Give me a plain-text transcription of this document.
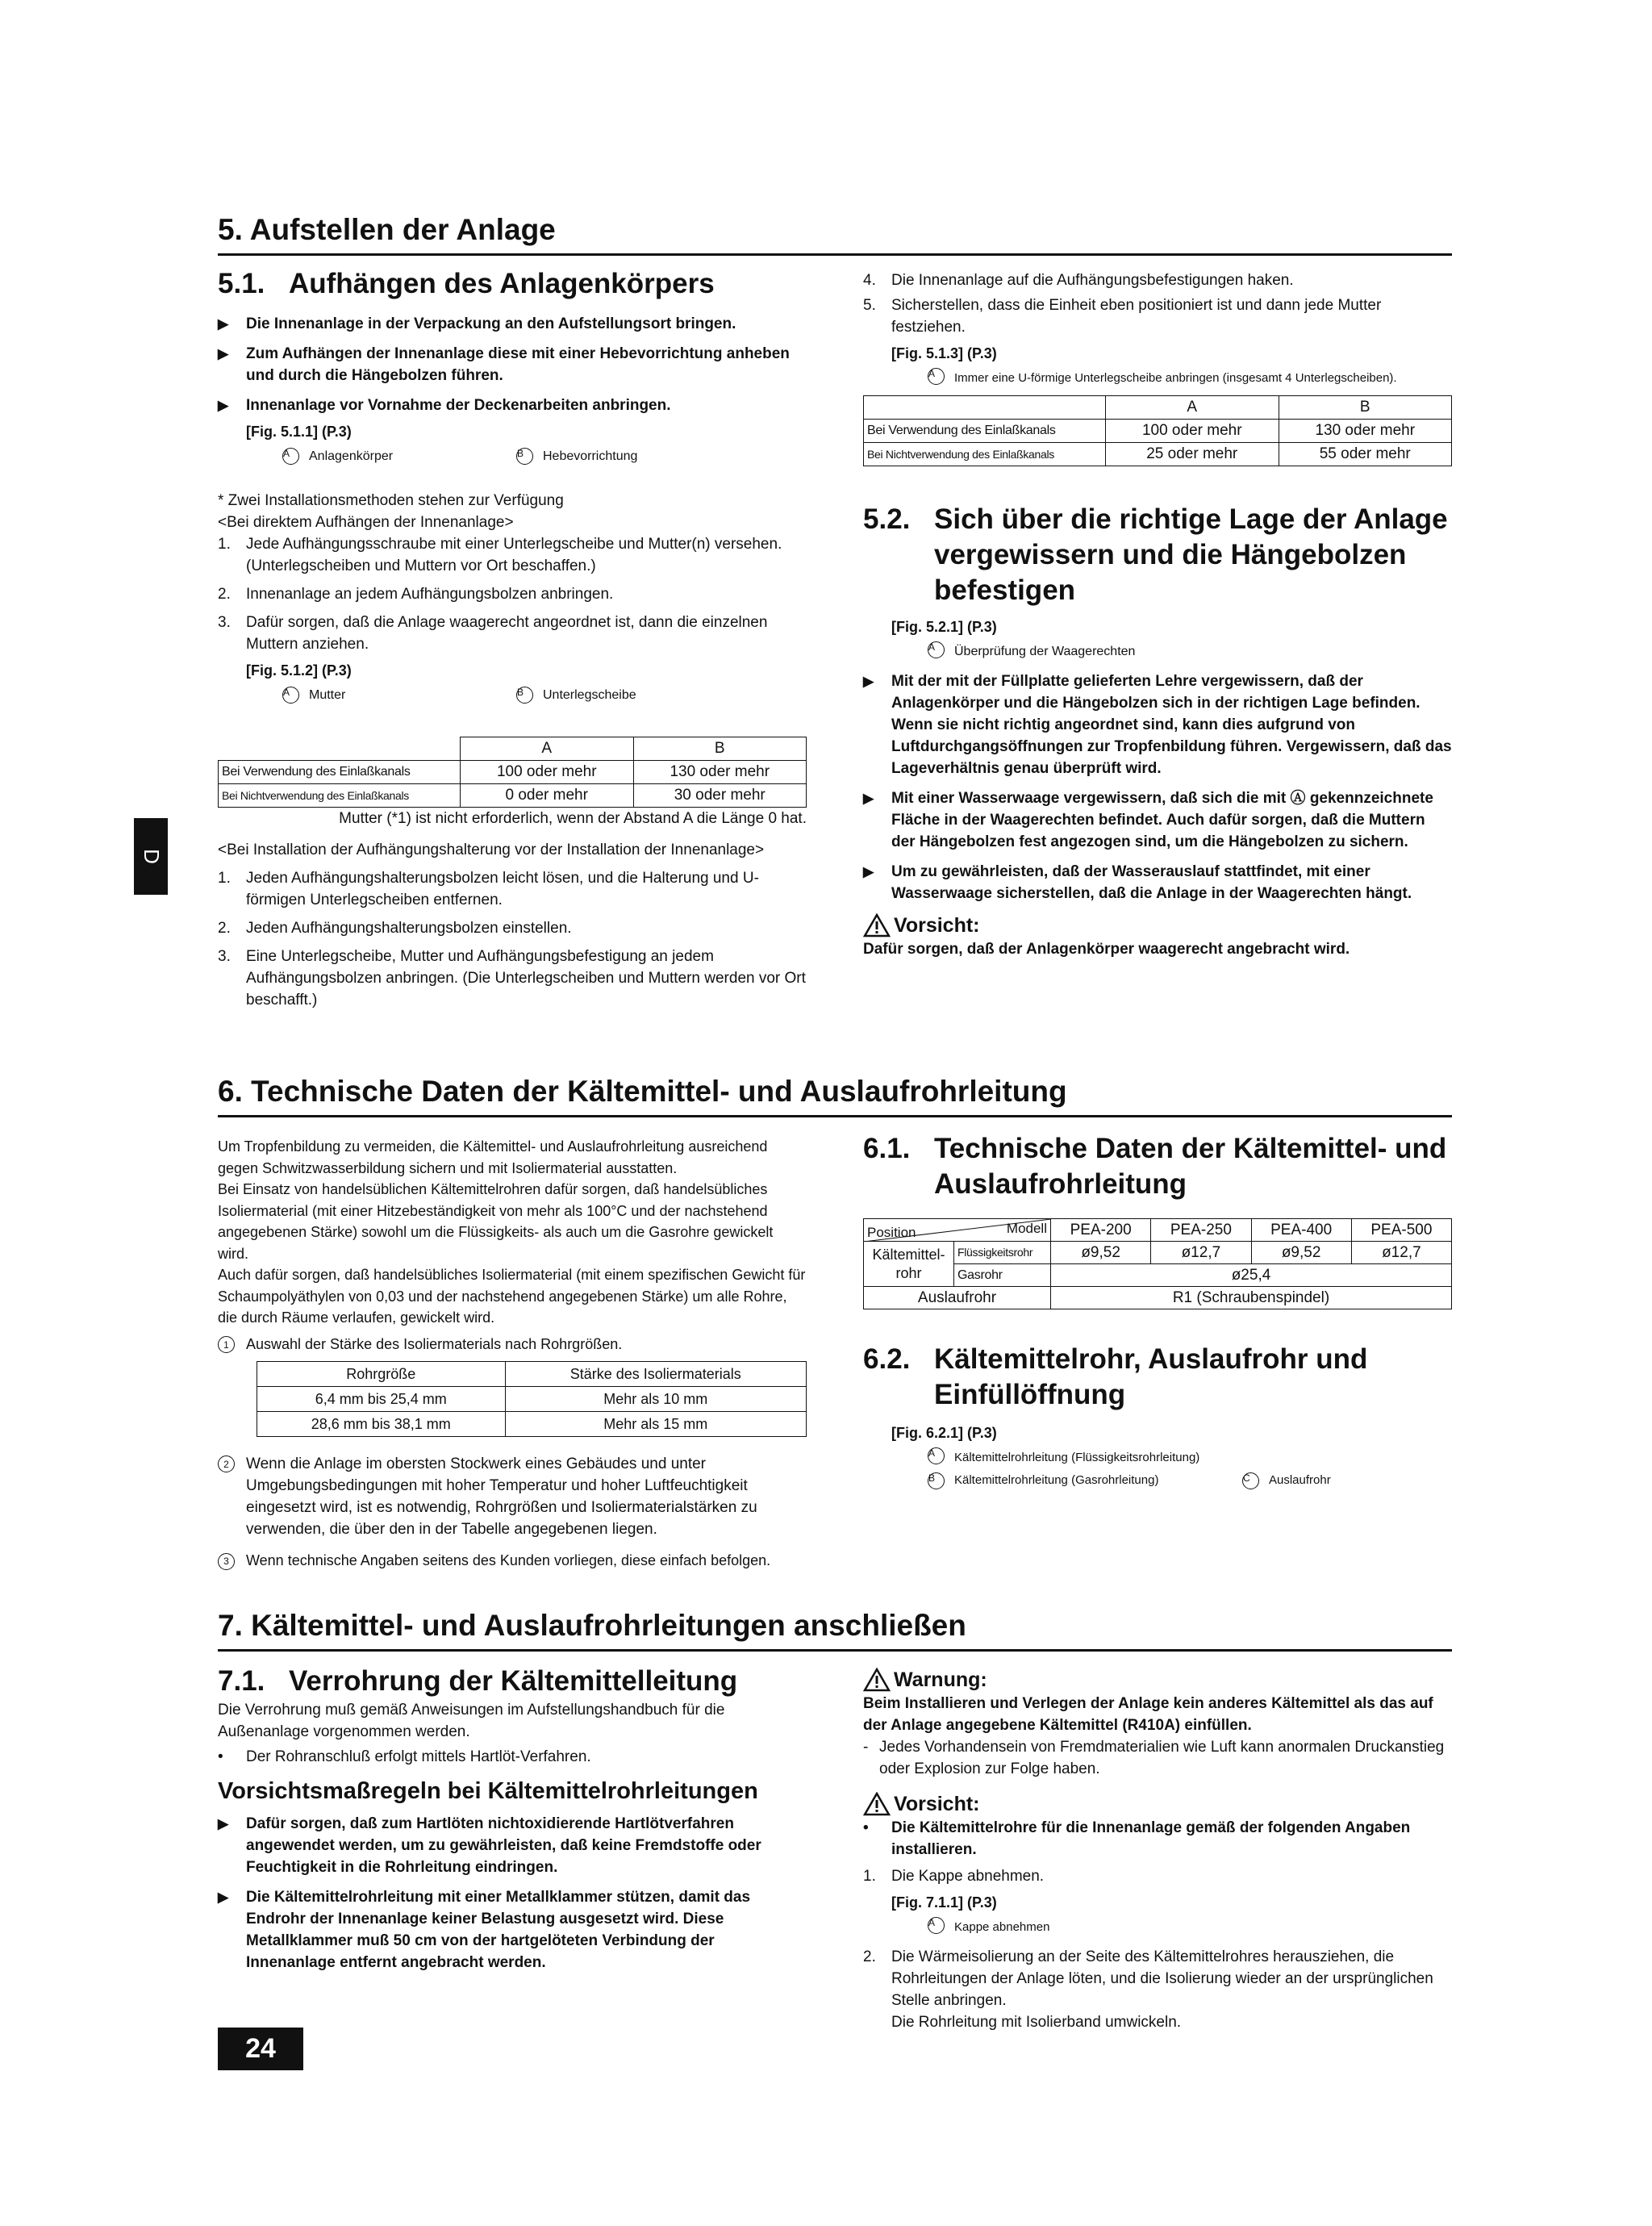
5. Aufstellen der Anlage
5.1. Aufhängen des Anlagenkörpers
▶	Die Innenanlage in der Verpackung an den Aufstellungsort bringen.
▶	Zum Aufhängen der Innenanlage diese mit einer Hebevorrichtung anheben und durch die Hängebolzen führen.
▶	Innenanlage vor Vornahme der Deckenarbeiten anbringen.
[Fig. 5.1.1] (P.3)
A Anlagenkörper	B Hebevorrichtung
* Zwei Installationsmethoden stehen zur Verfügung
<Bei direktem Aufhängen der Innenanlage>
1.	Jede Aufhängungsschraube mit einer Unterlegscheibe und Mutter(n) versehen. (Unterlegscheiben und Muttern vor Ort beschaffen.)
2.	Innenanlage an jedem Aufhängungsbolzen anbringen.
3.	Dafür sorgen, daß die Anlage waagerecht angeordnet ist, dann die einzelnen Muttern anziehen.
[Fig. 5.1.2] (P.3)
A Mutter	B Unterlegscheibe
	A	B
Bei Verwendung des Einlaßkanals	100 oder mehr	130 oder mehr
Bei Nichtverwendung des Einlaßkanals	0 oder mehr	30 oder mehr
Mutter (*1) ist nicht erforderlich, wenn der Abstand A die Länge 0 hat.
<Bei Installation der Aufhängungshalterung vor der Installation der Innenanlage>
1.	Jeden Aufhängungshalterungsbolzen leicht lösen, und die Halterung und U-förmigen Unterlegscheiben entfernen.
2.	Jeden Aufhängungshalterungsbolzen einstellen.
3.	Eine Unterlegscheibe, Mutter und Aufhängungsbefestigung an jedem Aufhängungsbolzen anbringen. (Die Unterlegscheiben und Muttern werden vor Ort beschafft.)
4.	Die Innenanlage auf die Aufhängungsbefestigungen haken.
5.	Sicherstellen, dass die Einheit eben positioniert ist und dann jede Mutter festziehen.
[Fig. 5.1.3] (P.3)
A	Immer eine U-förmige Unterlegscheibe anbringen (insgesamt 4 Unterlegscheiben).
	A	B
Bei Verwendung des Einlaßkanals	100 oder mehr	130 oder mehr
Bei Nichtverwendung des Einlaßkanals	25 oder mehr	55 oder mehr
5.2. Sich über die richtige Lage der Anlage vergewissern und die Hängebolzen befestigen
[Fig. 5.2.1] (P.3)
A	Überprüfung der Waagerechten
▶	Mit der mit der Füllplatte gelieferten Lehre vergewissern, daß der Anlagenkörper und die Hängebolzen sich in der richtigen Lage befinden. Wenn sie nicht richtig angeordnet sind, kann dies aufgrund von Luftdurchgangsöffnungen zur Tropfenbildung führen. Vergewissern, daß das Lageverhältnis genau überprüft wird.
▶	Mit einer Wasserwaage vergewissern, daß sich die mit Ⓐ gekennzeichnete Fläche in der Waagerechten befindet. Auch dafür sorgen, daß die Muttern der Hängebolzen fest angezogen sind, um die Hängebolzen zu sichern.
▶	Um zu gewährleisten, daß der Wasserauslauf stattfindet, mit einer Wasserwaage sicherstellen, daß die Anlage in der Waagerechten hängt.
Vorsicht:
Dafür sorgen, daß der Anlagenkörper waagerecht angebracht wird.
D
6. Technische Daten der Kältemittel- und Auslaufrohrleitung
Um Tropfenbildung zu vermeiden, die Kältemittel- und Auslaufrohrleitung ausreichend gegen Schwitzwasserbildung sichern und mit Isoliermaterial ausstatten.
Bei Einsatz von handelsüblichen Kältemittelrohren dafür sorgen, daß handelsübliches Isoliermaterial (mit einer Hitzebeständigkeit von mehr als 100°C und der nachstehend angegebenen Stärke) sowohl um die Flüssigkeits- als auch um die Gasrohre gewickelt wird.
Auch dafür sorgen, daß handelsübliches Isoliermaterial (mit einem spezifischen Gewicht für Schaumpolyäthylen von 0,03 und der nachstehend angegebenen Stärke) um alle Rohre, die durch Räume verlaufen, gewickelt wird.
1	Auswahl der Stärke des Isoliermaterials nach Rohrgrößen.
Rohrgröße	Stärke des Isoliermaterials
6,4 mm bis 25,4 mm	Mehr als 10 mm
28,6 mm bis 38,1 mm	Mehr als 15 mm
2	Wenn die Anlage im obersten Stockwerk eines Gebäudes und unter Umgebungsbedingungen mit hoher Temperatur und hoher Luftfeuchtigkeit eingesetzt wird, ist es notwendig, Rohrgrößen und Isoliermaterialstärken zu verwenden, die über den in der Tabelle angegebenen liegen.
3	Wenn technische Angaben seitens des Kunden vorliegen, diese einfach befolgen.
6.1. Technische Daten der Kältemittel- und Auslaufrohrleitung
Modell
Position		PEA-200	PEA-250	PEA-400	PEA-500
Kältemittel-rohr	Flüssigkeitsrohr	ø9,52	ø12,7	ø9,52	ø12,7
	Gasrohr	ø25,4			
Auslaufrohr		R1 (Schraubenspindel)			
6.2. Kältemittelrohr, Auslaufrohr und Einfüllöffnung
[Fig. 6.2.1] (P.3)
A	Kältemittelrohrleitung (Flüssigkeitsrohrleitung)
B Kältemittelrohrleitung (Gasrohrleitung)	C Auslaufrohr
7. Kältemittel- und Auslaufrohrleitungen anschließen
7.1. Verrohrung der Kältemittelleitung
Die Verrohrung muß gemäß Anweisungen im Aufstellungshandbuch für die Außenanlage vorgenommen werden.
•	Der Rohranschluß erfolgt mittels Hartlöt-Verfahren.
Vorsichtsmaßregeln bei Kältemittelrohrleitungen
▶	Dafür sorgen, daß zum Hartlöten nichtoxidierende Hartlötverfahren angewendet werden, um zu gewährleisten, daß keine Fremdstoffe oder Feuchtigkeit in die Rohrleitung eindringen.
▶	Die Kältemittelrohrleitung mit einer Metallklammer stützen, damit das Endrohr der Innenanlage keiner Belastung ausgesetzt wird. Diese Metallklammer muß 50 cm von der hartgelöteten Verbindung der Innenanlage entfernt angebracht werden.
Warnung:
Beim Installieren und Verlegen der Anlage kein anderes Kältemittel als das auf der Anlage angegebene Kältemittel (R410A) einfüllen.
- Jedes Vorhandensein von Fremdmaterialien wie Luft kann anormalen Druckanstieg oder Explosion zur Folge haben.
Vorsicht:
•	Die Kältemittelrohre für die Innenanlage gemäß der folgenden Angaben installieren.
1.	Die Kappe abnehmen.
[Fig. 7.1.1] (P.3)
A	Kappe abnehmen
2.	Die Wärmeisolierung an der Seite des Kältemittelrohres herausziehen, die Rohrleitungen der Anlage löten, und die Isolierung wieder an der ursprünglichen Stelle anbringen.
Die Rohrleitung mit Isolierband umwickeln.
24
